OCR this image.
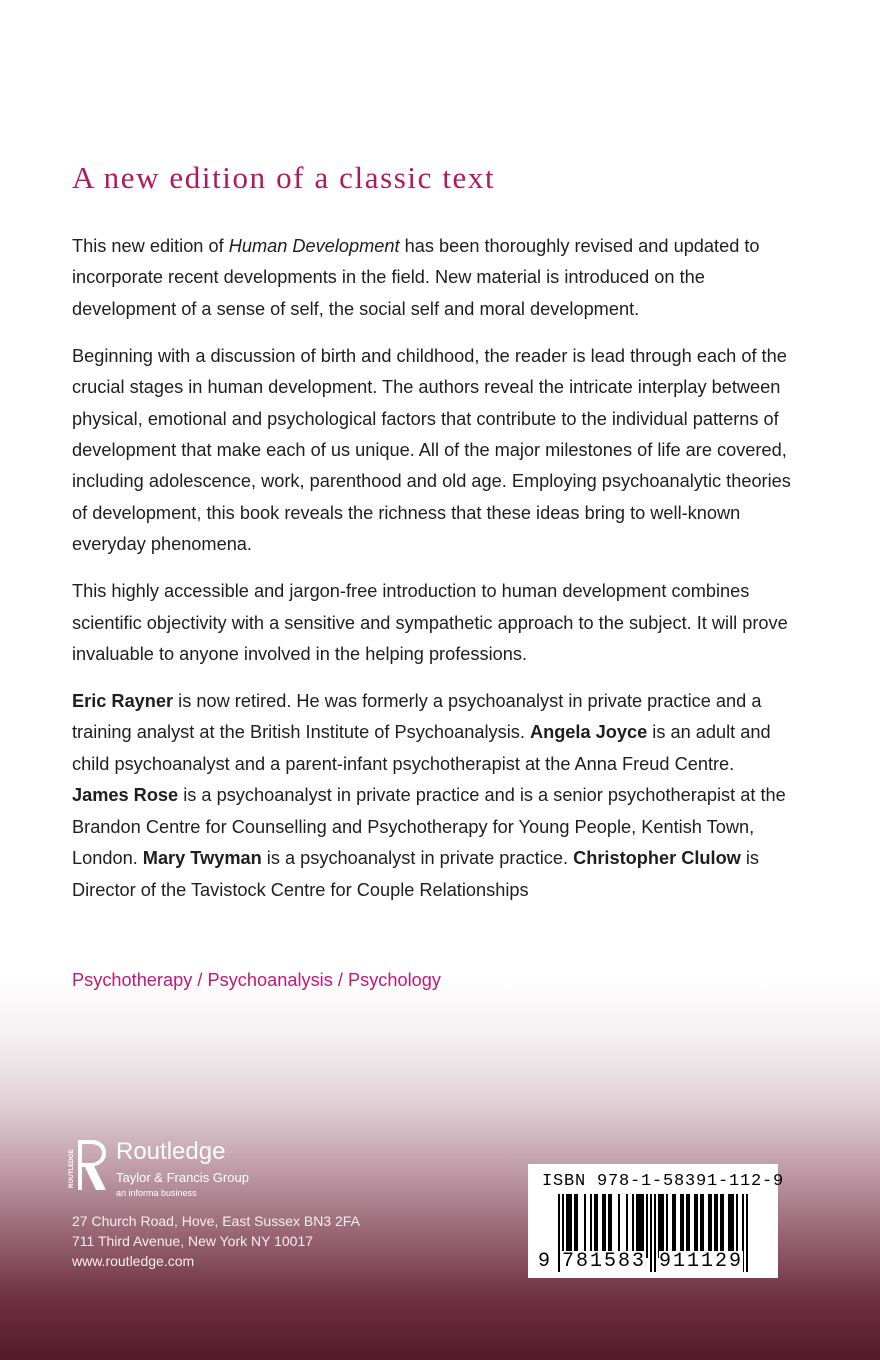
A new edition of a classic text

This new edition of Human Development has been thoroughly revised and updated to incorporate recent developments in the field. New material is introduced on the development of a sense of self, the social self and moral development.

Beginning with a discussion of birth and childhood, the reader is lead through each of the crucial stages in human development. The authors reveal the intricate interplay between physical, emotional and psychological factors that contribute to the individual patterns of development that make each of us unique. All of the major milestones of life are covered, including adolescence, work, parenthood and old age. Employing psychoanalytic theories of development, this book reveals the richness that these ideas bring to well-known everyday phenomena.

This highly accessible and jargon-free introduction to human development combines scientific objectivity with a sensitive and sympathetic approach to the subject. It will prove invaluable to anyone involved in the helping professions.

Eric Rayner is now retired. He was formerly a psychoanalyst in private practice and a training analyst at the British Institute of Psychoanalysis. Angela Joyce is an adult and child psychoanalyst and a parent-infant psychotherapist at the Anna Freud Centre. James Rose is a psychoanalyst in private practice and is a senior psychotherapist at the Brandon Centre for Counselling and Psychotherapy for Young People, Kentish Town, London. Mary Twyman is a psychoanalyst in private practice. Christopher Clulow is Director of the Tavistock Centre for Couple Relationships

Psychotherapy / Psychoanalysis / Psychology

ROUTLEDGE Routledge
Taylor & Francis Group
an informa business
27 Church Road, Hove, East Sussex BN3 2FA
711 Third Avenue, New York NY 10017
www.routledge.com
ISBN 978-1-58391-112-9
9 781583 911129
